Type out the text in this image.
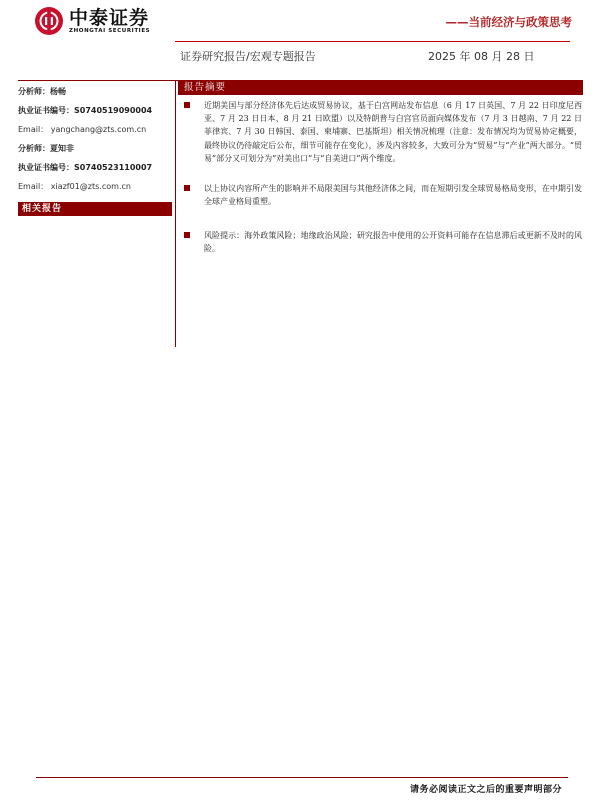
中泰证券
ZHONGTAI SECURITIES
——当前经济与政策思考
证券研究报告/宏观专题报告	2025 年 08 月 28 日
分析师：杨畅
执业证书编号：S0740519090004
Email： yangchang@zts.com.cn
分析师：夏知非
执业证书编号：S0740523110007
Email： xiazf01@zts.com.cn
相关报告
报告摘要
近期美国与部分经济体先后达成贸易协议，基于白宫网站发布信息（6 月 17 日英国、7 月 22 日印度尼西亚、7 月 23 日日本、8 月 21 日欧盟）以及特朗普与白宫官员面向媒体发布（7 月 3 日越南、7 月 22 日菲律宾、7 月 30 日韩国、泰国、柬埔寨、巴基斯坦）相关情况梳理（注意：发布情况均为贸易协定概要，最终协议仍待敲定后公布，细节可能存在变化），涉及内容较多，大致可分为“贸易”与“产业”两大部分。“贸易”部分又可划分为“对美出口”与“自美进口”两个维度。
以上协议内容所产生的影响并不局限美国与其他经济体之间，而在短期引发全球贸易格局变形，在中期引发全球产业格局重塑。
风险提示：海外政策风险；地缘政治风险；研究报告中使用的公开资料可能存在信息滞后或更新不及时的风险。
请务必阅读正文之后的重要声明部分
